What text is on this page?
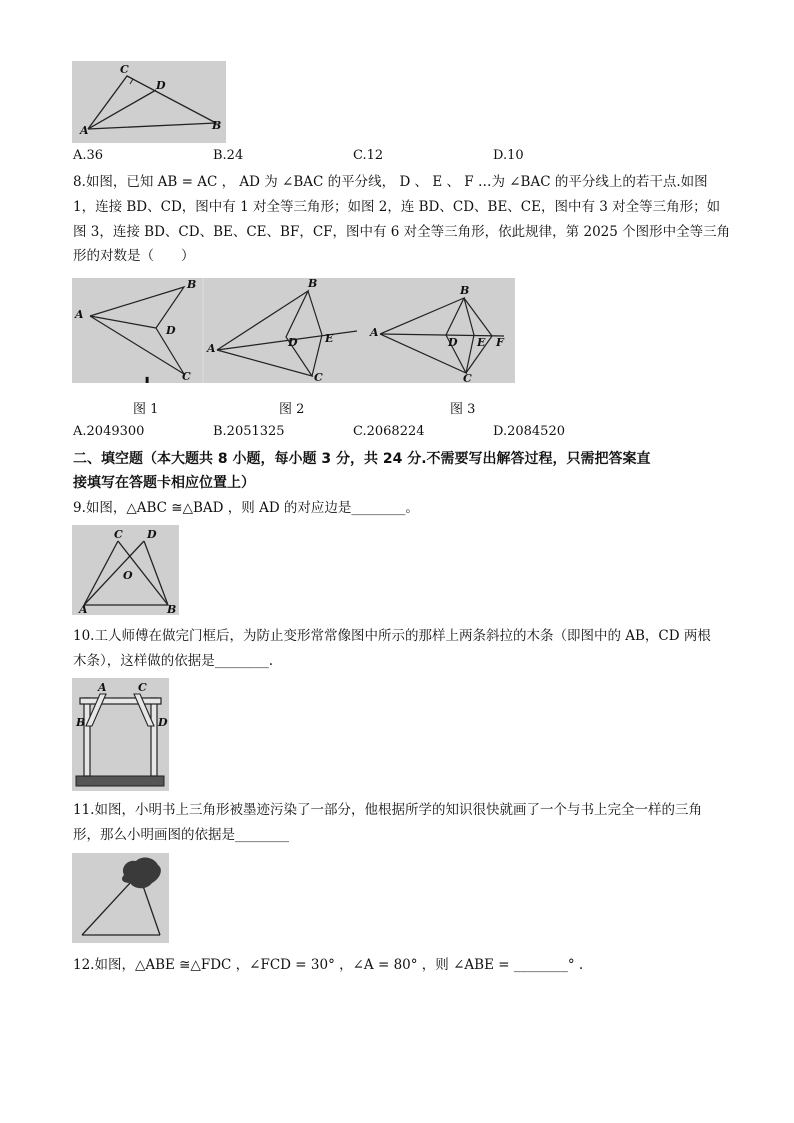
C
D
A	B
A.36	B.24	C.12	D.10
8.如图，已知 AB = AC ， AD 为 ∠BAC 的平分线， D 、 E 、 F …为 ∠BAC 的平分线上的若干点.如图
1，连接 BD、CD，图中有 1 对全等三角形；如图 2，连 BD、CD、BE、CE，图中有 3 对全等三角形；如
图 3，连接 BD、CD、BE、CE、BF，CF，图中有 6 对全等三角形，依此规律，第 2025 个图形中全等三角
形的对数是（　　）
A
B
D
C
▮
A
B
D E
C
A
B
D E F
C
图 1	图 2	图 3
A.2049300	B.2051325	C.2068224	D.2084520
二、填空题（本大题共 8 小题，每小题 3 分，共 24 分.不需要写出解答过程，只需把答案直
接填写在答题卡相应位置上）
9.如图，△ABC ≅△BAD ，则 AD 的对应边是________。
C D
O
A	B
10.工人师傅在做完门框后，为防止变形常常像图中所示的那样上两条斜拉的木条（即图中的 AB，CD 两根
木条），这样做的依据是________.
A	C
B	D
11.如图，小明书上三角形被墨迹污染了一部分，他根据所学的知识很快就画了一个与书上完全一样的三角
形，那么小明画图的依据是________
12.如图，△ABE ≅△FDC ，∠FCD = 30° ，∠A = 80° ，则 ∠ABE = ________° .
